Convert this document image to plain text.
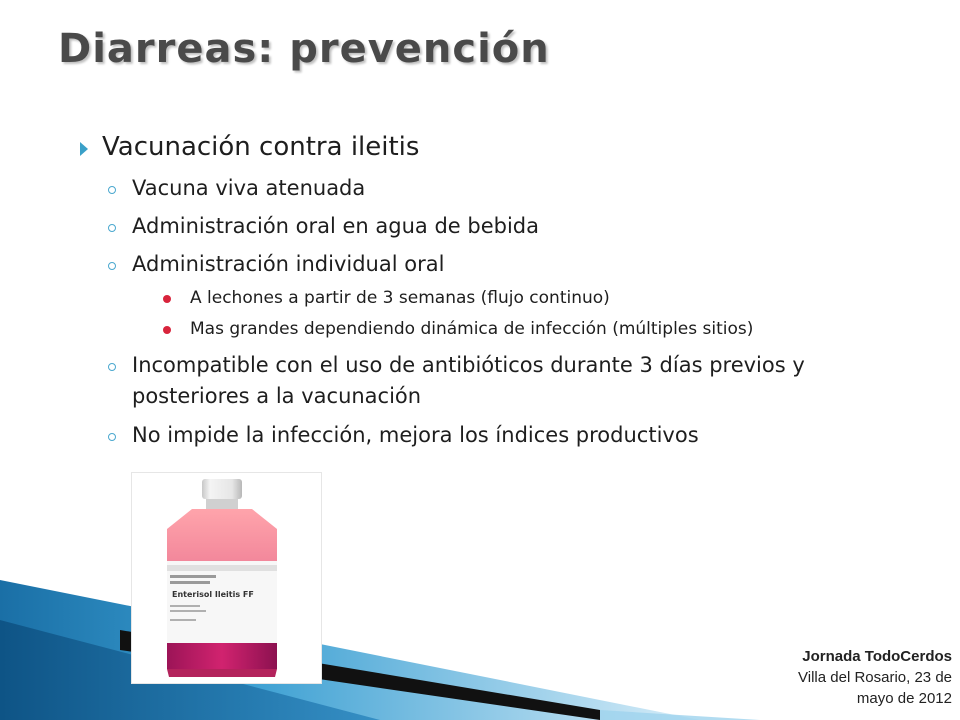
Diarreas: prevención
Vacunación contra ileitis
Vacuna viva atenuada
Administración oral en agua de bebida
Administración individual oral
A lechones a partir de 3 semanas (flujo continuo)
Mas grandes dependiendo dinámica de infección (múltiples sitios)
Incompatible con el uso de antibióticos durante 3 días previos y posteriores a la vacunación
No impide la infección, mejora los índices productivos
Enterisol Ileitis FF
Jornada TodoCerdos
Villa del Rosario, 23 de
mayo de 2012
